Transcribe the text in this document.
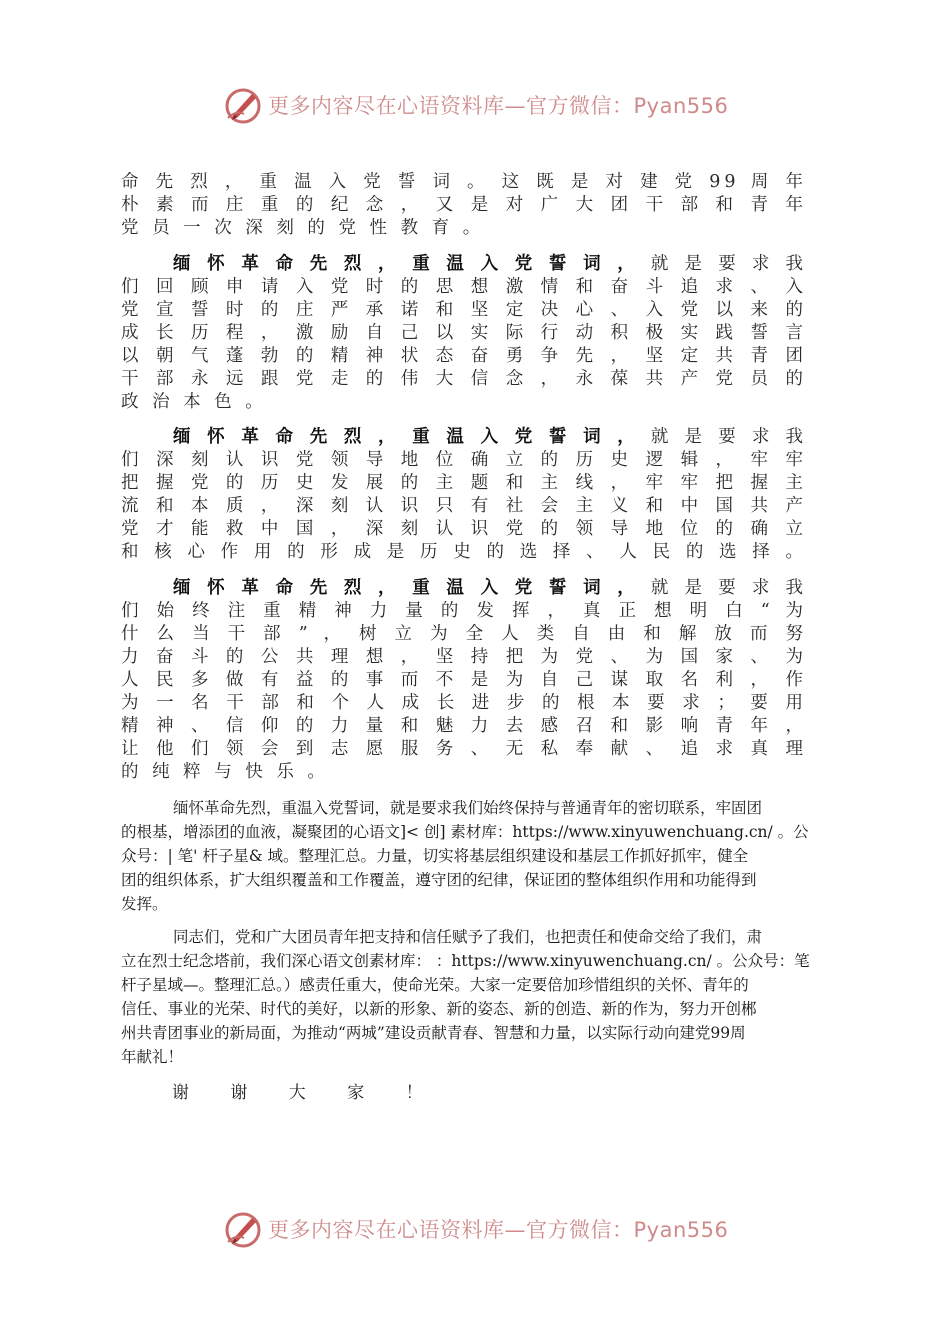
更多内容尽在心语资料库—官方微信：Pyan556
命 先 烈 ， 重 温 入 党 誓 词 。 这 既 是 对 建 党 99 周 年
朴 素 而 庄 重 的 纪 念 ， 又 是 对 广 大 团 干 部 和 青 年
党 员 一 次 深 刻 的 党 性 教 育 。
缅 怀 革 命 先 烈 ， 重 温 入 党 誓 词 ， 就 是 要 求 我
们 回 顾 申 请 入 党 时 的 思 想 激 情 和 奋 斗 追 求 、 入
党 宣 誓 时 的 庄 严 承 诺 和 坚 定 决 心 、 入 党 以 来 的
成 长 历 程 ， 激 励 自 己 以 实 际 行 动 积 极 实 践 誓 言
以 朝 气 蓬 勃 的 精 神 状 态 奋 勇 争 先 ， 坚 定 共 青 团
干 部 永 远 跟 党 走 的 伟 大 信 念 ， 永 葆 共 产 党 员 的
政 治 本 色 。
缅 怀 革 命 先 烈 ， 重 温 入 党 誓 词 ， 就 是 要 求 我
们 深 刻 认 识 党 领 导 地 位 确 立 的 历 史 逻 辑 ， 牢 牢
把 握 党 的 历 史 发 展 的 主 题 和 主 线 ， 牢 牢 把 握 主
流 和 本 质 ， 深 刻 认 识 只 有 社 会 主 义 和 中 国 共 产
党 才 能 救 中 国 ， 深 刻 认 识 党 的 领 导 地 位 的 确 立
和 核 心 作 用 的 形 成 是 历 史 的 选 择 、 人 民 的 选 择 。
缅 怀 革 命 先 烈 ， 重 温 入 党 誓 词 ， 就 是 要 求 我
们 始 终 注 重 精 神 力 量 的 发 挥 ， 真 正 想 明 白 “ 为
什 么 当 干 部 ” ， 树 立 为 全 人 类 自 由 和 解 放 而 努
力 奋 斗 的 公 共 理 想 ， 坚 持 把 为 党 、 为 国 家 、 为
人 民 多 做 有 益 的 事 而 不 是 为 自 己 谋 取 名 利 ， 作
为 一 名 干 部 和 个 人 成 长 进 步 的 根 本 要 求 ； 要 用
精 神 、 信 仰 的 力 量 和 魅 力 去 感 召 和 影 响 青 年 ，
让 他 们 领 会 到 志 愿 服 务 、 无 私 奉 献 、 追 求 真 理
的 纯 粹 与 快 乐 。
缅怀革命先烈，重温入党誓词，就是要求我们始终保持与普通青年的密切联系，牢固团
的根基，增添团的血液，凝聚团的心语文]< 创] 素材库：https://www.xinyuwenchuang.cn/ 。公
众号：| 笔' 杆子星& 域。整理汇总。力量，切实将基层组织建设和基层工作抓好抓牢，健全
团的组织体系，扩大组织覆盖和工作覆盖，遵守团的纪律，保证团的整体组织作用和功能得到
发挥。
同志们，党和广大团员青年把支持和信任赋予了我们，也把责任和使命交给了我们，肃
立在烈士纪念塔前，我们深心语文创素材库： ：https://www.xinyuwenchuang.cn/ 。公众号：笔
杆子星域—。整理汇总。）感责任重大，使命光荣。大家一定要倍加珍惜组织的关怀、青年的
信任、事业的光荣、时代的美好，以新的形象、新的姿态、新的创造、新的作为，努力开创郴
州共青团事业的新局面，为推动“两城”建设贡献青春、智慧和力量，以实际行动向建党99周
年献礼！
谢 谢 大 家 ！
更多内容尽在心语资料库—官方微信：Pyan556
